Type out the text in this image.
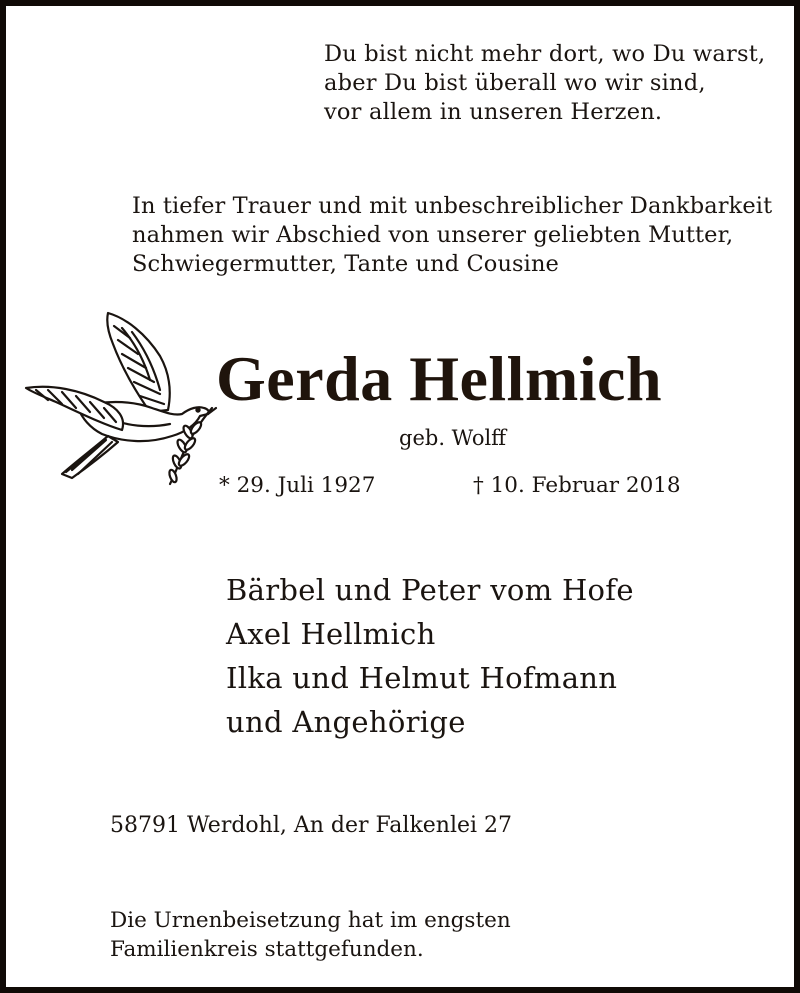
Du bist nicht mehr dort, wo Du warst,
aber Du bist überall wo wir sind,
vor allem in unseren Herzen.

In tiefer Trauer und mit unbeschreiblicher Dankbarkeit
nahmen wir Abschied von unserer geliebten Mutter,
Schwiegermutter, Tante und Cousine

Gerda Hellmich
geb. Wolff
* 29. Juli 1927	† 10. Februar 2018

Bärbel und Peter vom Hofe
Axel Hellmich
Ilka und Helmut Hofmann
und Angehörige

58791 Werdohl, An der Falkenlei 27

Die Urnenbeisetzung hat im engsten
Familienkreis stattgefunden.
